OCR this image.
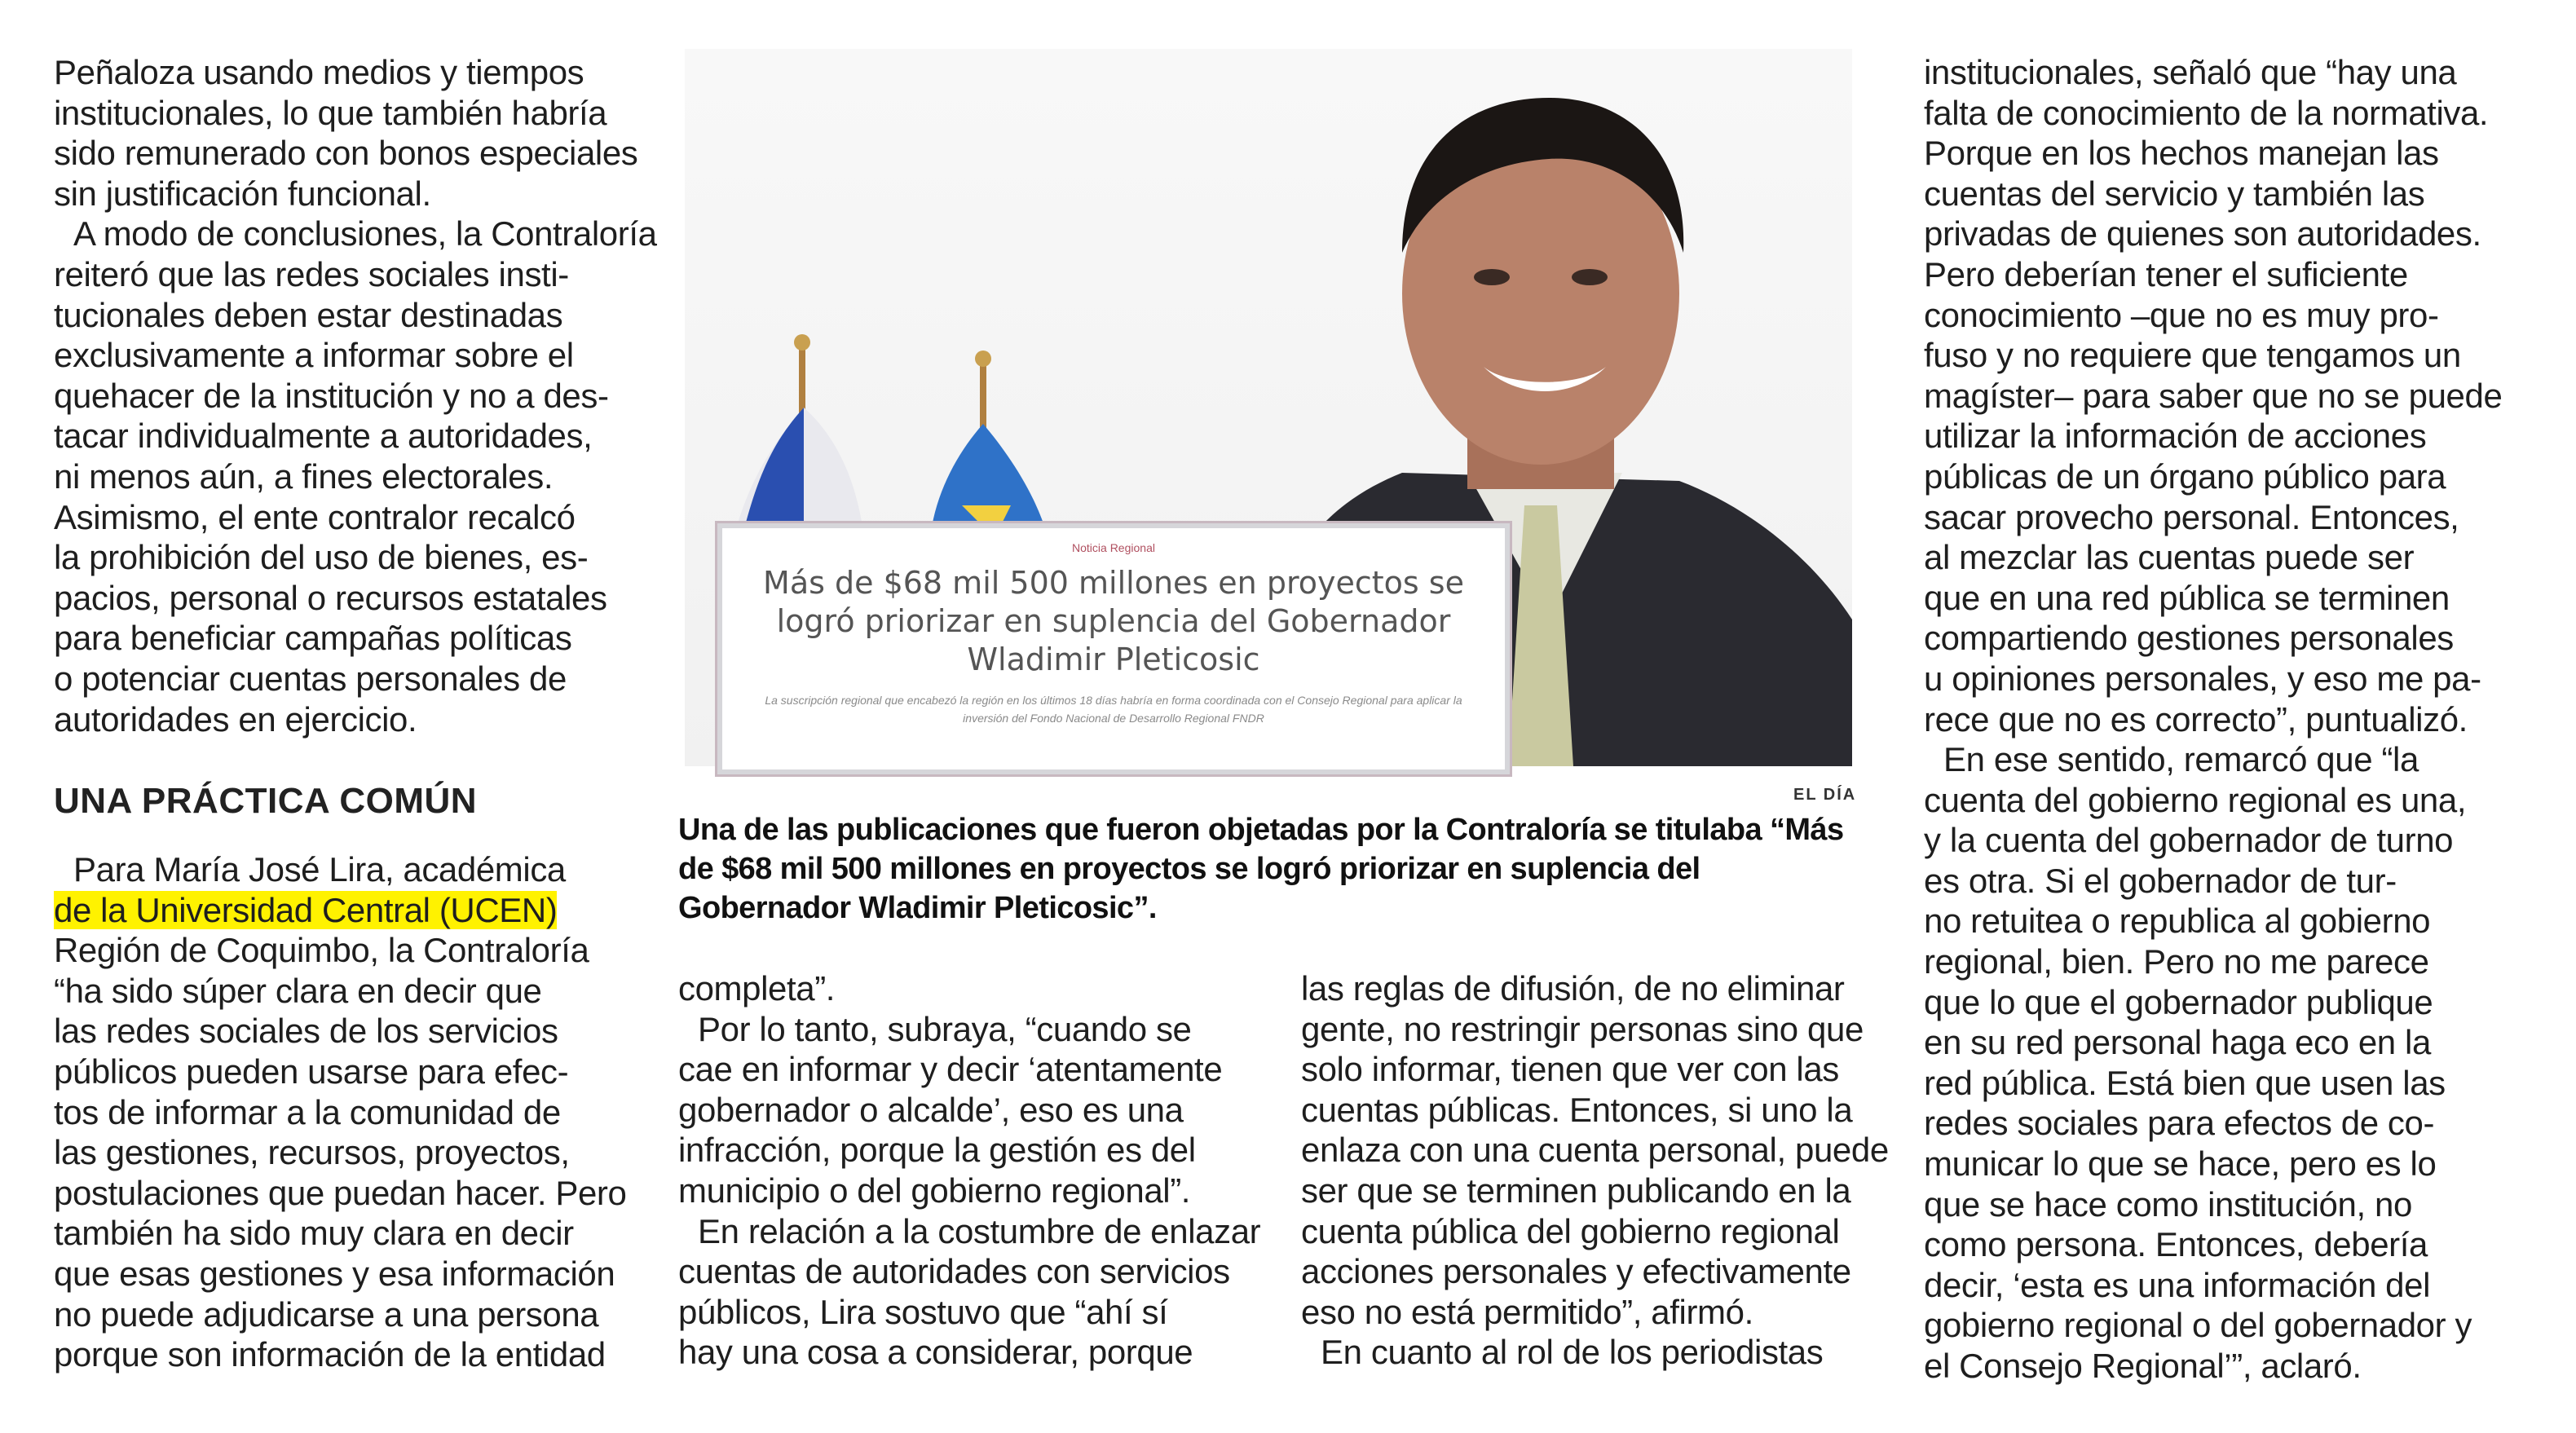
Peñaloza usando medios y tiempos
institucionales, lo que también habría
sido remunerado con bonos especiales
sin justificación funcional.
A modo de conclusiones, la Contraloría
reiteró que las redes sociales insti-
tucionales deben estar destinadas
exclusivamente a informar sobre el
quehacer de la institución y no a des-
tacar individualmente a autoridades,
ni menos aún, a fines electorales.
Asimismo, el ente contralor recalcó
la prohibición del uso de bienes, es-
pacios, personal o recursos estatales
para beneficiar campañas políticas
o potenciar cuentas personales de
autoridades en ejercicio.
UNA PRÁCTICA COMÚN
Para María José Lira, académica
de la Universidad Central (UCEN)
Región de Coquimbo, la Contraloría
“ha sido súper clara en decir que
las redes sociales de los servicios
públicos pueden usarse para efec-
tos de informar a la comunidad de
las gestiones, recursos, proyectos,
postulaciones que puedan hacer. Pero
también ha sido muy clara en decir
que esas gestiones y esa información
no puede adjudicarse a una persona
porque son información de la entidad
Noticia Regional
Más de $68 mil 500 millones en proyectos se logró priorizar en suplencia del Gobernador Wladimir Pleticosic
La suscripción regional que encabezó la región en los últimos 18 días habría en forma coordinada con el Consejo Regional para aplicar la inversión del Fondo Nacional de Desarrollo Regional FNDR
EL DÍA
Una de las publicaciones que fueron objetadas por la Contraloría se titulaba “Más de $68 mil 500 millones en proyectos se logró priorizar en suplencia del Gobernador Wladimir Pleticosic”.
completa”.
Por lo tanto, subraya, “cuando se
cae en informar y decir ‘atentamente
gobernador o alcalde’, eso es una
infracción, porque la gestión es del
municipio o del gobierno regional”.
En relación a la costumbre de enlazar
cuentas de autoridades con servicios
públicos, Lira sostuvo que “ahí sí
hay una cosa a considerar, porque
las reglas de difusión, de no eliminar
gente, no restringir personas sino que
solo informar, tienen que ver con las
cuentas públicas. Entonces, si uno la
enlaza con una cuenta personal, puede
ser que se terminen publicando en la
cuenta pública del gobierno regional
acciones personales y efectivamente
eso no está permitido”, afirmó.
En cuanto al rol de los periodistas
institucionales, señaló que “hay una
falta de conocimiento de la normativa.
Porque en los hechos manejan las
cuentas del servicio y también las
privadas de quienes son autoridades.
Pero deberían tener el suficiente
conocimiento –que no es muy pro-
fuso y no requiere que tengamos un
magíster– para saber que no se puede
utilizar la información de acciones
públicas de un órgano público para
sacar provecho personal. Entonces,
al mezclar las cuentas puede ser
que en una red pública se terminen
compartiendo gestiones personales
u opiniones personales, y eso me pa-
rece que no es correcto”, puntualizó.
En ese sentido, remarcó que “la
cuenta del gobierno regional es una,
y la cuenta del gobernador de turno
es otra. Si el gobernador de tur-
no retuitea o republica al gobierno
regional, bien. Pero no me parece
que lo que el gobernador publique
en su red personal haga eco en la
red pública. Está bien que usen las
redes sociales para efectos de co-
municar lo que se hace, pero es lo
que se hace como institución, no
como persona. Entonces, debería
decir, ‘esta es una información del
gobierno regional o del gobernador y
el Consejo Regional’”, aclaró.
